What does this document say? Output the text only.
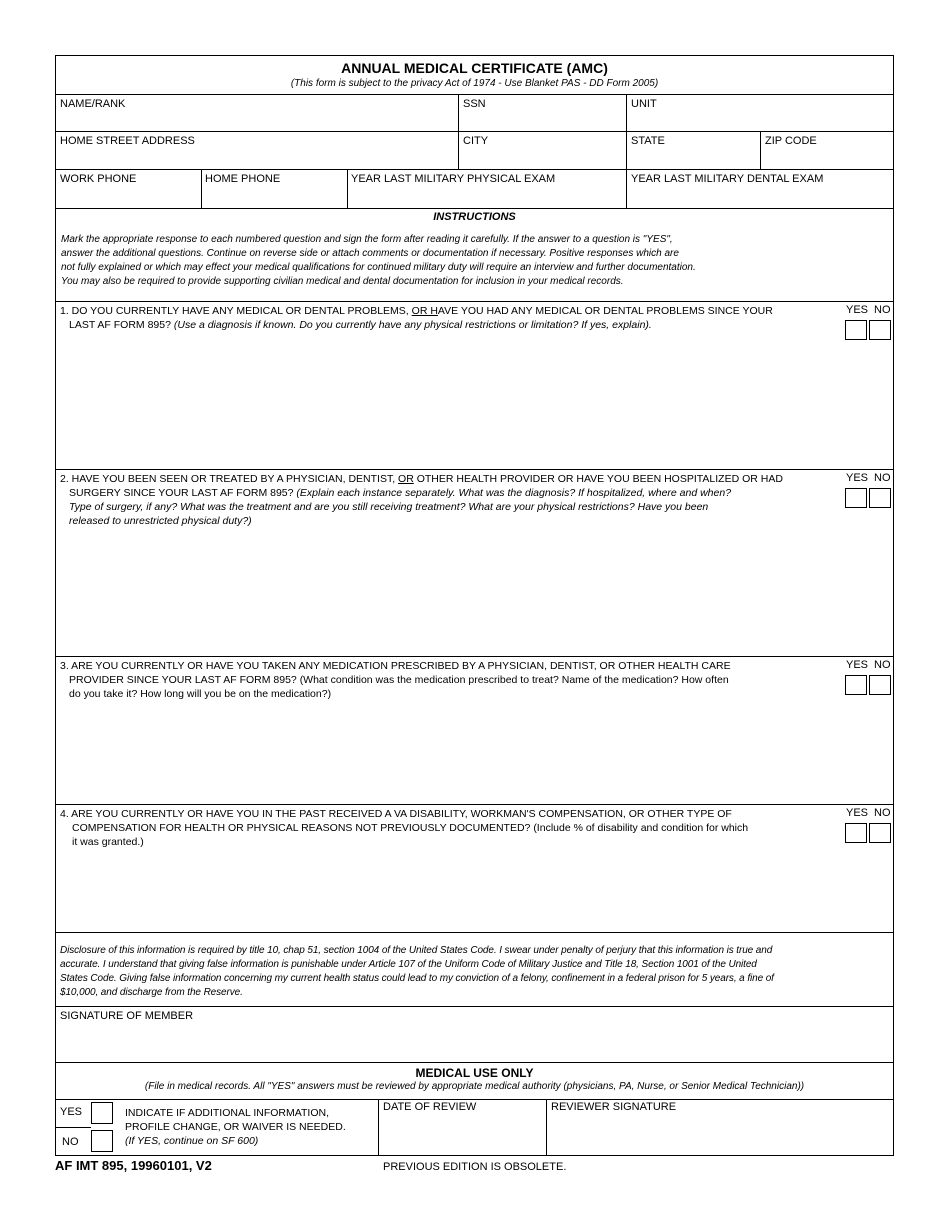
ANNUAL MEDICAL CERTIFICATE (AMC)
(This form is subject to the privacy Act of 1974 - Use Blanket PAS - DD Form 2005)
NAME/RANK	SSN	UNIT
HOME STREET ADDRESS	CITY	STATE	ZIP CODE
WORK PHONE	HOME PHONE	YEAR LAST MILITARY PHYSICAL EXAM	YEAR LAST MILITARY DENTAL EXAM
INSTRUCTIONS
Mark the appropriate response to each numbered question and sign the form after reading it carefully. If the answer to a question is "YES",
answer the additional questions. Continue on reverse side or attach comments or documentation if necessary. Positive responses which are
not fully explained or which may effect your medical qualifications for continued military duty will require an interview and further documentation.
You may also be required to provide supporting civilian medical and dental documentation for inclusion in your medical records.
1. DO YOU CURRENTLY HAVE ANY MEDICAL OR DENTAL PROBLEMS, OR HAVE YOU HAD ANY MEDICAL OR DENTAL PROBLEMS SINCE YOUR
LAST AF FORM 895? (Use a diagnosis if known. Do you currently have any physical restrictions or limitation? If yes, explain).
YES NO
2. HAVE YOU BEEN SEEN OR TREATED BY A PHYSICIAN, DENTIST, OR OTHER HEALTH PROVIDER OR HAVE YOU BEEN HOSPITALIZED OR HAD
SURGERY SINCE YOUR LAST AF FORM 895? (Explain each instance separately. What was the diagnosis? If hospitalized, where and when?
Type of surgery, if any? What was the treatment and are you still receiving treatment? What are your physical restrictions? Have you been
released to unrestricted physical duty?)
YES NO
3. ARE YOU CURRENTLY OR HAVE YOU TAKEN ANY MEDICATION PRESCRIBED BY A PHYSICIAN, DENTIST, OR OTHER HEALTH CARE
PROVIDER SINCE YOUR LAST AF FORM 895? (What condition was the medication prescribed to treat? Name of the medication? How often
do you take it? How long will you be on the medication?)
YES NO
4. ARE YOU CURRENTLY OR HAVE YOU IN THE PAST RECEIVED A VA DISABILITY, WORKMAN'S COMPENSATION, OR OTHER TYPE OF
COMPENSATION FOR HEALTH OR PHYSICAL REASONS NOT PREVIOUSLY DOCUMENTED? (Include % of disability and condition for which
it was granted.)
YES NO
Disclosure of this information is required by title 10, chap 51, section 1004 of the United States Code. I swear under penalty of perjury that this information is true and
accurate. I understand that giving false information is punishable under Article 107 of the Uniform Code of Military Justice and Title 18, Section 1001 of the United
States Code. Giving false information concerning my current health status could lead to my conviction of a felony, confinement in a federal prison for 5 years, a fine of
$10,000, and discharge from the Reserve.
SIGNATURE OF MEMBER
MEDICAL USE ONLY
(File in medical records. All "YES" answers must be reviewed by appropriate medical authority (physicians, PA, Nurse, or Senior Medical Technician))
YES
NO
INDICATE IF ADDITIONAL INFORMATION,
PROFILE CHANGE, OR WAIVER IS NEEDED.
(If YES, continue on SF 600)
DATE OF REVIEW	REVIEWER SIGNATURE
AF IMT 895, 19960101, V2	PREVIOUS EDITION IS OBSOLETE.
